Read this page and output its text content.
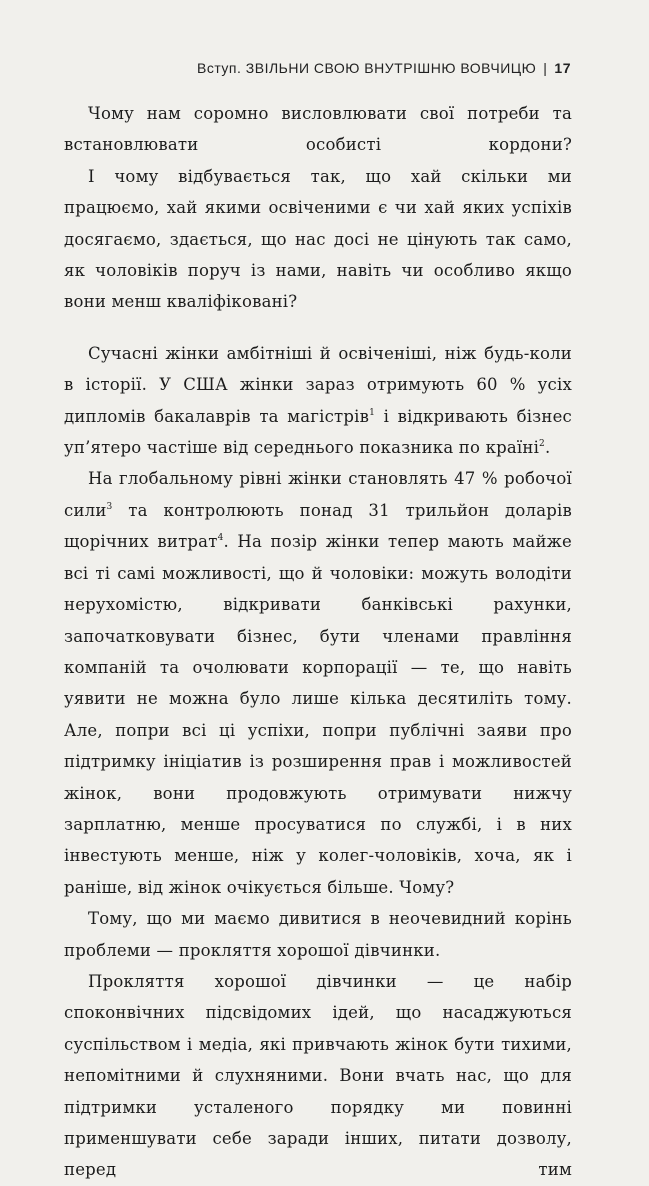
Вступ. ЗВІЛЬНИ СВОЮ ВНУТРІШНЮ ВОВЧИЦЮ | 17

Чому нам соромно висловлювати свої потреби та встановлювати особисті кордони?

І чому відбувається так, що хай скільки ми працюємо, хай якими освіченими є чи хай яких успіхів досягаємо, здається, що нас досі не цінують так само, як чоловіків поруч із нами, навіть чи особливо якщо вони менш кваліфіковані?

Сучасні жінки амбітніші й освіченіші, ніж будь-коли в історії. У США жінки зараз отримують 60 % усіх дипломів бакалаврів та магістрів$^1$ і відкривають бізнес уп’ятеро частіше від середнього показника по країні$^2$.

На глобальному рівні жінки становлять 47 % робочої сили$^3$ та контролюють понад 31 трильйон доларів щорічних витрат$^4$. На позір жінки тепер мають майже всі ті самі можливості, що й чоловіки: можуть володіти нерухомістю, відкривати банківські рахунки, започатковувати бізнес, бути членами правління компаній та очолювати корпорації — те, що навіть уявити не можна було лише кілька десятиліть тому. Але, попри всі ці успіхи, попри публічні заяви про підтримку ініціатив із розширення прав і можливостей жінок, вони продовжують отримувати нижчу зарплатню, менше просуватися по службі, і в них інвестують менше, ніж у колег-чоловіків, хоча, як і раніше, від жінок очікується більше. Чому?

Тому, що ми маємо дивитися в неочевидний корінь проблеми — прокляття хорошої дівчинки.

Прокляття хорошої дівчинки — це набір споконвічних підсвідомих ідей, що насаджуються суспільством і медіа, які привчають жінок бути тихими, непомітними й слухняними. Вони вчать нас, що для підтримки усталеного порядку ми повинні применшувати себе заради інших, питати дозволу, перед тим
